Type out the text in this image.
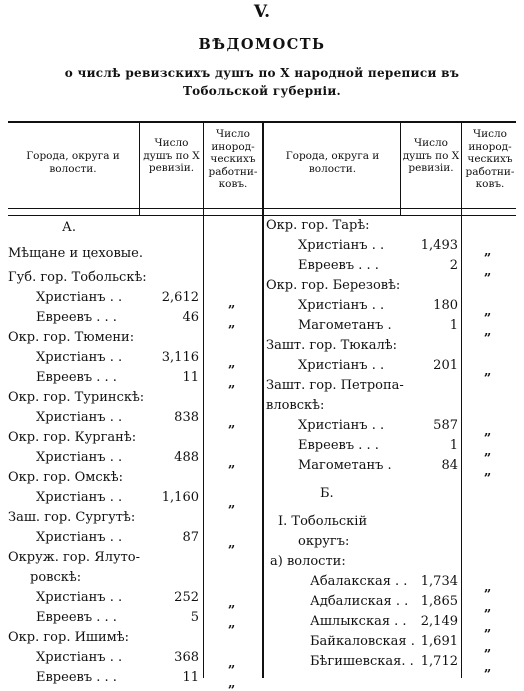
V.
ВѢДОМОСТЬ
о числѣ ревизскихъ душъ по X народной переписи въ
Тобольской губерніи.
Города, округа и волости.
Число душъ по X ревизіи.
Число инород-ческихъ работни-ковъ.
Города, округа и волости.
Число душъ по X ревизіи.
Число инород-ческихъ работни-ковъ.
А.
Мѣщане и цеховые.
Губ. гор. Тобольскѣ:
Христіанъ . .	2,612 „
Евреевъ . . .	46 „
Окр. гор. Тюмени:
Христіанъ . .	3,116 „
Евреевъ . . .	11 „
Окр. гор. Туринскѣ:
Христіанъ . .	838 „
Окр. гор. Курганѣ:
Христіанъ . .	488 „
Окр. гор. Омскѣ:
Христіанъ . .	1,160 „
Заш. гор. Сургутѣ:
Христіанъ . .	87 „
Окруж. гор. Ялуто-
ровскѣ:
Христіанъ . .	252 „
Евреевъ . . .	5 „
Окр. гор. Ишимѣ:
Христіанъ . .	368 „
Евреевъ . . .	11 „
Окр. гор. Тарѣ:
Христіанъ . .	1,493 „
Евреевъ . . .	2 „
Окр. гор. Березовѣ:
Христіанъ . .	180 „
Магометанъ .	1 „
Зашт. гор. Тюкалѣ:
Христіанъ . .	201 „
Зашт. гор. Петропа-
вловскѣ:
Христіанъ . .	587 „
Евреевъ . . .	1 „
Магометанъ .	84 „
Б.
I. Тобольскій
округъ:
а) волости:
Абалакская . . 1,734 „
Адбалиская . . 1,865 „
Ашлыкская . . 2,149 „
Байкаловская . 1,691 „
Бѣгишевская. . 1,712 „
